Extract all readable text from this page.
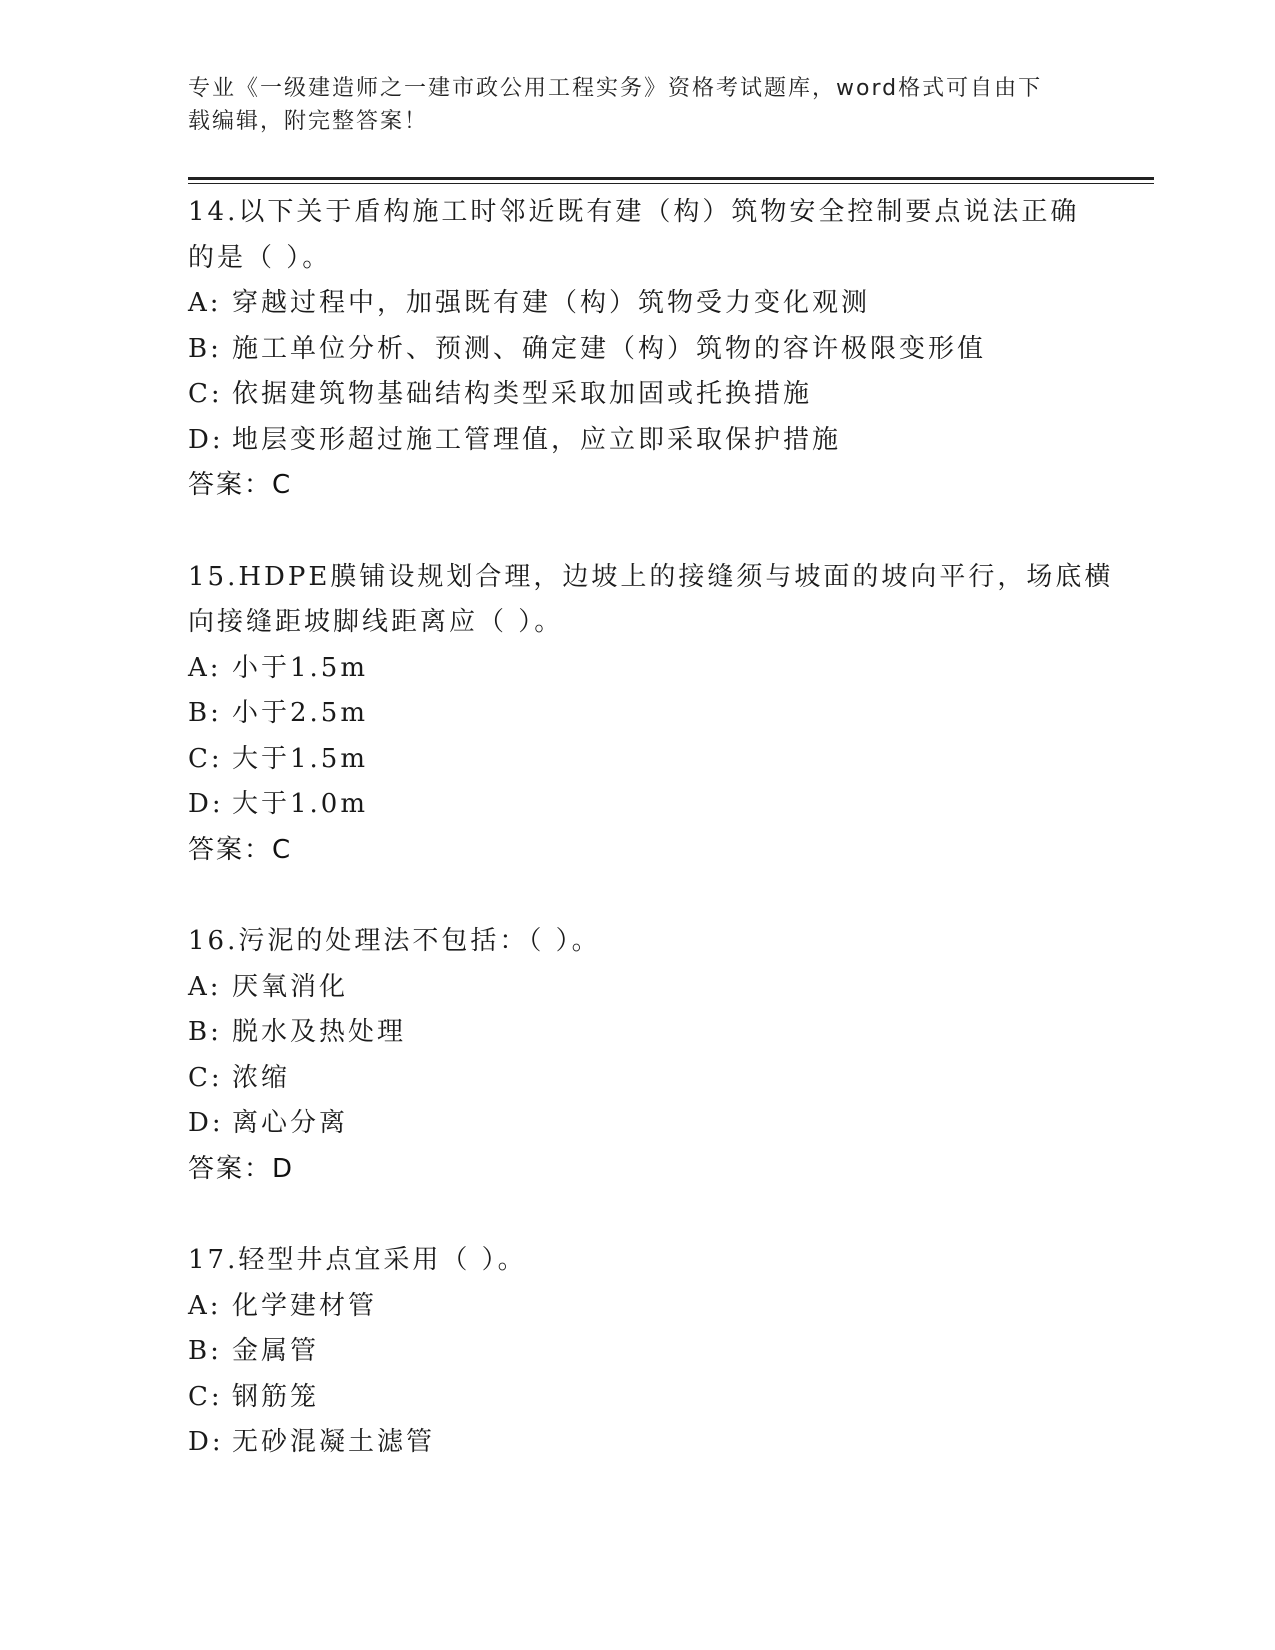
专业《一级建造师之一建市政公用工程实务》资格考试题库，word格式可自由下
载编辑，附完整答案！
14.以下关于盾构施工时邻近既有建（构）筑物安全控制要点说法正确
的是（ ）。
A: 穿越过程中，加强既有建（构）筑物受力变化观测
B: 施工单位分析、预测、确定建（构）筑物的容许极限变形值
C: 依据建筑物基础结构类型采取加固或托换措施
D: 地层变形超过施工管理值，应立即采取保护措施
答案：C
15.HDPE膜铺设规划合理，边坡上的接缝须与坡面的坡向平行，场底横
向接缝距坡脚线距离应（ ）。
A: 小于1.5m
B: 小于2.5m
C: 大于1.5m
D: 大于1.0m
答案：C
16.污泥的处理法不包括：（ ）。
A: 厌氧消化
B: 脱水及热处理
C: 浓缩
D: 离心分离
答案：D
17.轻型井点宜采用（ ）。
A: 化学建材管
B: 金属管
C: 钢筋笼
D: 无砂混凝土滤管
